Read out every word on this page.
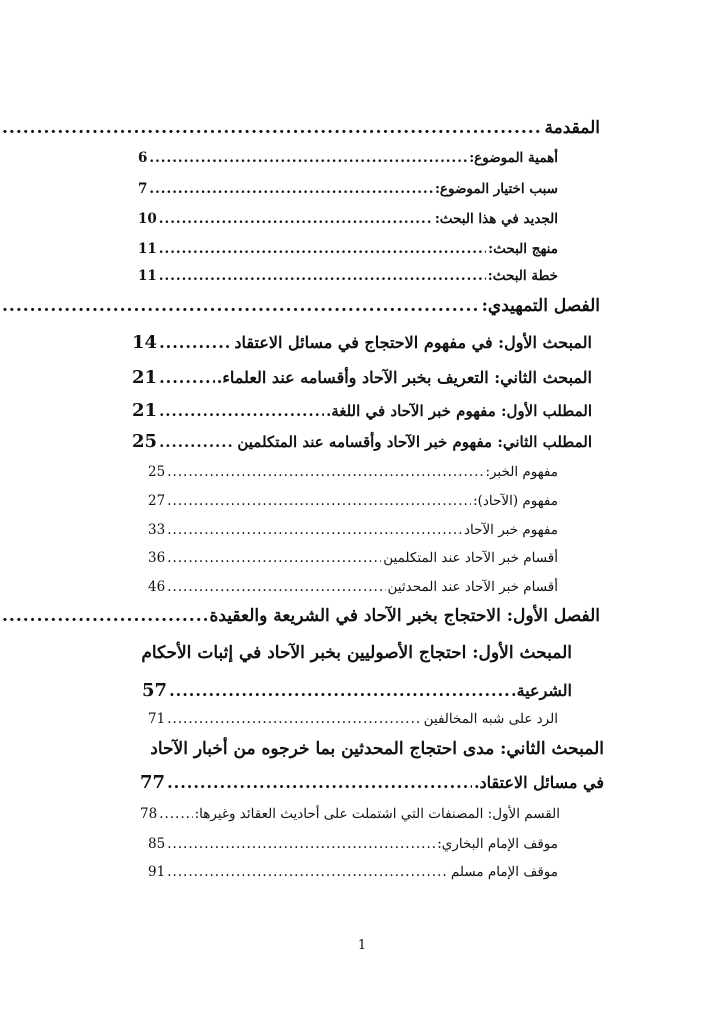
المقدمة
.....
أهمية الموضوع:
.....
6
سبب اختيار الموضوع:
.....
7
الجديد في هذا البحث:
.....
10
منهج البحث:
.....
11
خطة البحث:
.....
11
الفصل التمهيدي:
.....
المبحث الأول: في مفهوم الاحتجاج في مسائل الاعتقاد
.....
14
المبحث الثاني: التعريف بخبر الآحاد وأقسامه عند العلماء.
.....
21
المطلب الأول: مفهوم خبر الآحاد في اللغة.
.....
21
المطلب الثاني: مفهوم خبر الآحاد وأقسامه عند المتكلمين
.....
25
مفهوم الخبر:
.....
25
مفهوم (الآحاد):
.....
27
مفهوم خبر الآحاد
.....
33
أقسام خبر الآحاد عند المتكلمين
.....
36
أقسام خبر الآحاد عند المحدثين
.....
46
الفصل الأول: الاحتجاج بخبر الآحاد في الشريعة والعقيدة
.....
المبحث الأول: احتجاج الأصوليين بخبر الآحاد في إثبات الأحكام
الشرعية.
.....
57
الرد على شبه المخالفين
.....
71
المبحث الثاني: مدى احتجاج المحدثين بما خرجوه من أخبار الآحاد
في مسائل الاعتقاد.
.....
77
القسم الأول: المصنفات التي اشتملت على أحاديث العقائد وغيرها:
.....
78
موقف الإمام البخاري:
.....
85
موقف الإمام مسلم
.....
91
1
